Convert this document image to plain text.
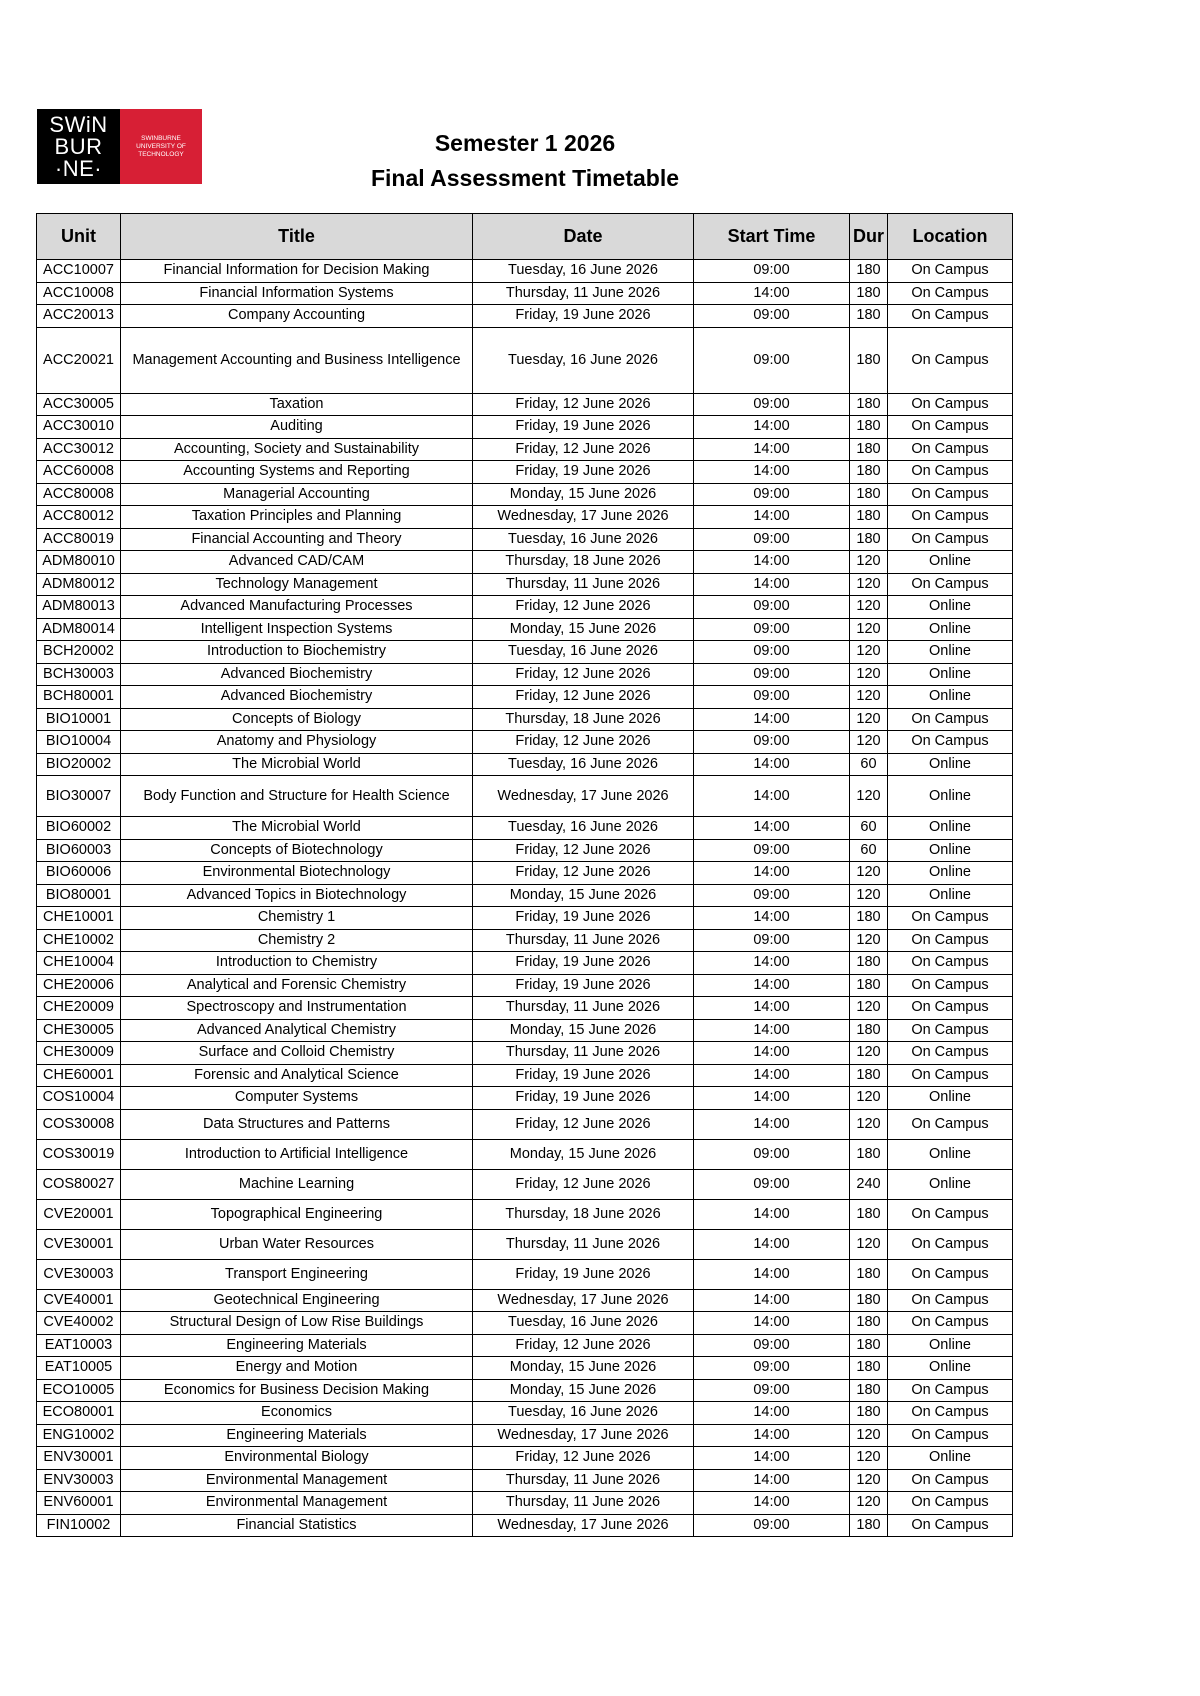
SWiN
BUR
·NE·
SWINBURNE
UNIVERSITY OF
TECHNOLOGY	Semester 1 2026
Final Assessment Timetable
Unit	Title	Date	Start Time	Dur	Location
ACC10007	Financial Information for Decision Making	Tuesday, 16 June 2026	09:00	180	On Campus
ACC10008	Financial Information Systems	Thursday, 11 June 2026	14:00	180	On Campus
ACC20013	Company Accounting	Friday, 19 June 2026	09:00	180	On Campus
ACC20021	Management Accounting and Business Intelligence	Tuesday, 16 June 2026	09:00	180	On Campus
ACC30005	Taxation	Friday, 12 June 2026	09:00	180	On Campus
ACC30010	Auditing	Friday, 19 June 2026	14:00	180	On Campus
ACC30012	Accounting, Society and Sustainability	Friday, 12 June 2026	14:00	180	On Campus
ACC60008	Accounting Systems and Reporting	Friday, 19 June 2026	14:00	180	On Campus
ACC80008	Managerial Accounting	Monday, 15 June 2026	09:00	180	On Campus
ACC80012	Taxation Principles and Planning	Wednesday, 17 June 2026	14:00	180	On Campus
ACC80019	Financial Accounting and Theory	Tuesday, 16 June 2026	09:00	180	On Campus
ADM80010	Advanced CAD/CAM	Thursday, 18 June 2026	14:00	120	Online
ADM80012	Technology Management	Thursday, 11 June 2026	14:00	120	On Campus
ADM80013	Advanced Manufacturing Processes	Friday, 12 June 2026	09:00	120	Online
ADM80014	Intelligent Inspection Systems	Monday, 15 June 2026	09:00	120	Online
BCH20002	Introduction to Biochemistry	Tuesday, 16 June 2026	09:00	120	Online
BCH30003	Advanced Biochemistry	Friday, 12 June 2026	09:00	120	Online
BCH80001	Advanced Biochemistry	Friday, 12 June 2026	09:00	120	Online
BIO10001	Concepts of Biology	Thursday, 18 June 2026	14:00	120	On Campus
BIO10004	Anatomy and Physiology	Friday, 12 June 2026	09:00	120	On Campus
BIO20002	The Microbial World	Tuesday, 16 June 2026	14:00	60	Online
BIO30007	Body Function and Structure for Health Science	Wednesday, 17 June 2026	14:00	120	Online
BIO60002	The Microbial World	Tuesday, 16 June 2026	14:00	60	Online
BIO60003	Concepts of Biotechnology	Friday, 12 June 2026	09:00	60	Online
BIO60006	Environmental Biotechnology	Friday, 12 June 2026	14:00	120	Online
BIO80001	Advanced Topics in Biotechnology	Monday, 15 June 2026	09:00	120	Online
CHE10001	Chemistry 1	Friday, 19 June 2026	14:00	180	On Campus
CHE10002	Chemistry 2	Thursday, 11 June 2026	09:00	120	On Campus
CHE10004	Introduction to Chemistry	Friday, 19 June 2026	14:00	180	On Campus
CHE20006	Analytical and Forensic Chemistry	Friday, 19 June 2026	14:00	180	On Campus
CHE20009	Spectroscopy and Instrumentation	Thursday, 11 June 2026	14:00	120	On Campus
CHE30005	Advanced Analytical Chemistry	Monday, 15 June 2026	14:00	180	On Campus
CHE30009	Surface and Colloid Chemistry	Thursday, 11 June 2026	14:00	120	On Campus
CHE60001	Forensic and Analytical Science	Friday, 19 June 2026	14:00	180	On Campus
COS10004	Computer Systems	Friday, 19 June 2026	14:00	120	Online
COS30008	Data Structures and Patterns	Friday, 12 June 2026	14:00	120	On Campus
COS30019	Introduction to Artificial Intelligence	Monday, 15 June 2026	09:00	180	Online
COS80027	Machine Learning	Friday, 12 June 2026	09:00	240	Online
CVE20001	Topographical Engineering	Thursday, 18 June 2026	14:00	180	On Campus
CVE30001	Urban Water Resources	Thursday, 11 June 2026	14:00	120	On Campus
CVE30003	Transport Engineering	Friday, 19 June 2026	14:00	180	On Campus
CVE40001	Geotechnical Engineering	Wednesday, 17 June 2026	14:00	180	On Campus
CVE40002	Structural Design of Low Rise Buildings	Tuesday, 16 June 2026	14:00	180	On Campus
EAT10003	Engineering Materials	Friday, 12 June 2026	09:00	180	Online
EAT10005	Energy and Motion	Monday, 15 June 2026	09:00	180	Online
ECO10005	Economics for Business Decision Making	Monday, 15 June 2026	09:00	180	On Campus
ECO80001	Economics	Tuesday, 16 June 2026	14:00	180	On Campus
ENG10002	Engineering Materials	Wednesday, 17 June 2026	14:00	120	On Campus
ENV30001	Environmental Biology	Friday, 12 June 2026	14:00	120	Online
ENV30003	Environmental Management	Thursday, 11 June 2026	14:00	120	On Campus
ENV60001	Environmental Management	Thursday, 11 June 2026	14:00	120	On Campus
FIN10002	Financial Statistics	Wednesday, 17 June 2026	09:00	180	On Campus
